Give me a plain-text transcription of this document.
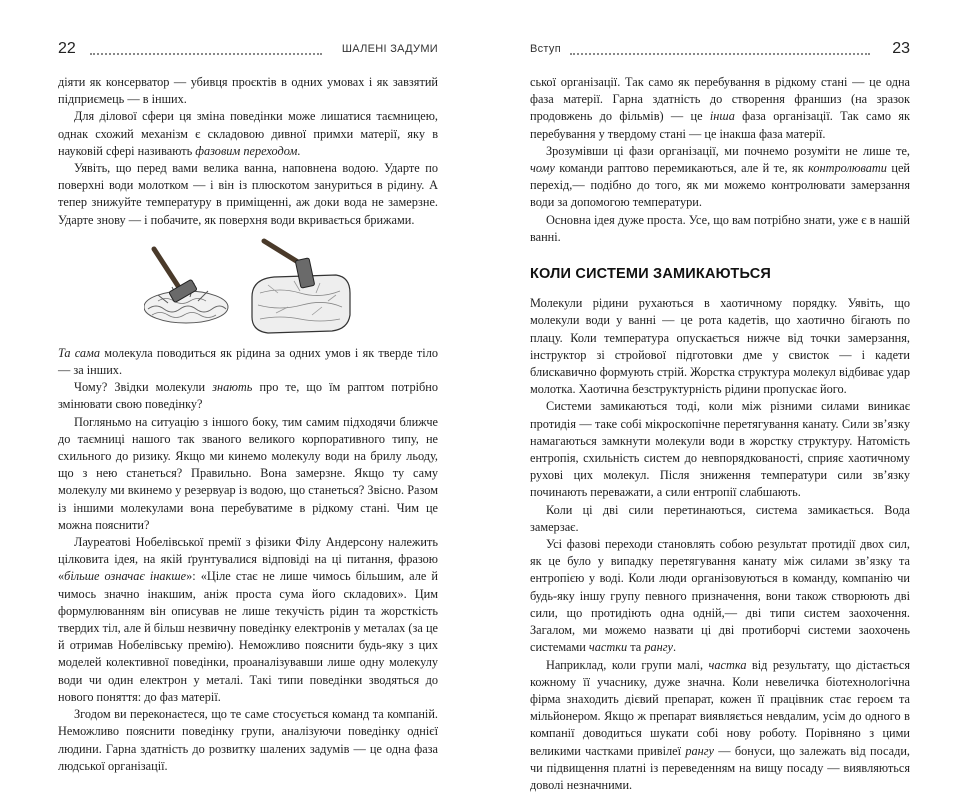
22	ШАЛЕНІ ЗАДУМИ

діяти як консерватор — убивця проєктів в одних умовах і як завзятий підприємець — в інших.

Для ділової сфери ця зміна поведінки може лишатися таємницею, однак схожий механізм є складовою дивної примхи матерії, яку в науковій сфері називають фазовим переходом.

Уявіть, що перед вами велика ванна, наповнена водою. Ударте по поверхні води молотком — і він із плюскотом зануриться в рідину. А тепер знижуйте температуру в приміщенні, аж доки вода не замерзне. Ударте знову — і побачите, як поверхня води вкривається брижами.

Та сама молекула поводиться як рідина за одних умов і як тверде тіло — за інших.

Чому? Звідки молекули знають про те, що їм раптом потрібно змінювати свою поведінку?

Погляньмо на ситуацію з іншого боку, тим самим підходячи ближче до таємниці нашого так званого великого корпоративного типу, не схильного до ризику. Якщо ми кинемо молекулу води на брилу льоду, що з нею станеться? Правильно. Вона замерзне. Якщо ту саму молекулу ми вкинемо у резервуар із водою, що станеться? Звісно. Разом із іншими молекулами вона перебуватиме в рідкому стані. Чим це можна пояснити?

Лауреатові Нобелівської премії з фізики Філу Андерсону належить цілковита ідея, на якій ґрунтувалися відповіді на ці питання, фразою «більше означає інакше»: «Ціле стає не лише чимось більшим, але й чимось значно інакшим, аніж проста сума його складових». Цим формулюванням він описував не лише текучість рідин та жорсткість твердих тіл, але й більш незвичну поведінку електронів у металах (за це й отримав Нобелівську премію). Неможливо пояснити будь-яку з цих моделей колективної поведінки, проаналізувавши лише одну молекулу води чи один електрон у металі. Такі типи поведінки зводяться до нового поняття: до фаз матерії.

Згодом ви переконаєтеся, що те саме стосується команд та компаній. Неможливо пояснити поведінку групи, аналізуючи поведінку однієї людини. Гарна здатність до розвитку шалених задумів — це одна фаза людської організації.

Вступ	23

ської організації. Так само як перебування в рідкому стані — це одна фаза матерії. Гарна здатність до створення франшиз (на зразок продовжень до фільмів) — це інша фаза організації. Так само як перебування у твердому стані — це інакша фаза матерії.

Зрозумівши ці фази організації, ми почнемо розуміти не лише те, чому команди раптово перемикаються, але й те, як контролювати цей перехід,— подібно до того, як ми можемо контролювати замерзання води за допомогою температури.

Основна ідея дуже проста. Усе, що вам потрібно знати, уже є в нашій ванні.

КОЛИ СИСТЕМИ ЗАМИКАЮТЬСЯ

Молекули рідини рухаються в хаотичному порядку. Уявіть, що молекули води у ванні — це рота кадетів, що хаотично бігають по плацу. Коли температура опускається нижче від точки замерзання, інструктор зі стройової підготовки дме у свисток — і кадети блискавично формують стрій. Жорстка структура молекул відбиває удар молотка. Хаотична безструктурність рідини пропускає його.

Системи замикаються тоді, коли між різними силами виникає протидія — таке собі мікроскопічне перетягування канату. Сили зв’язку намагаються замкнути молекули води в жорстку структуру. Натомість ентропія, схильність систем до невпорядкованості, сприяє хаотичному рухові цих молекул. Після зниження температури сили зв’язку починають переважати, а сили ентропії слабшають.

Коли ці дві сили перетинаються, система замикається. Вода замерзає.

Усі фазові переходи становлять собою результат протидії двох сил, як це було у випадку перетягування канату між силами зв’язку та ентропією у воді. Коли люди організовуються в команду, компанію чи будь-яку іншу групу певного призначення, вони також створюють дві сили, що протидіють одна одній,— дві типи систем заохочення. Загалом, ми можемо назвати ці дві протиборчі системи заохочень системами частки та рангу.

Наприклад, коли групи малі, частка від результату, що дістається кожному її учаснику, дуже значна. Коли невеличка біотехнологічна фірма знаходить дієвий препарат, кожен її працівник стає героєм та мільйонером. Якщо ж препарат виявляється невдалим, усім до одного в компанії доводиться шукати собі нову роботу. Порівняно з цими великими частками привілеї рангу — бонуси, що залежать від посади, чи підвищення платні із переведенням на вищу посаду — виявляються доволі незначними.
